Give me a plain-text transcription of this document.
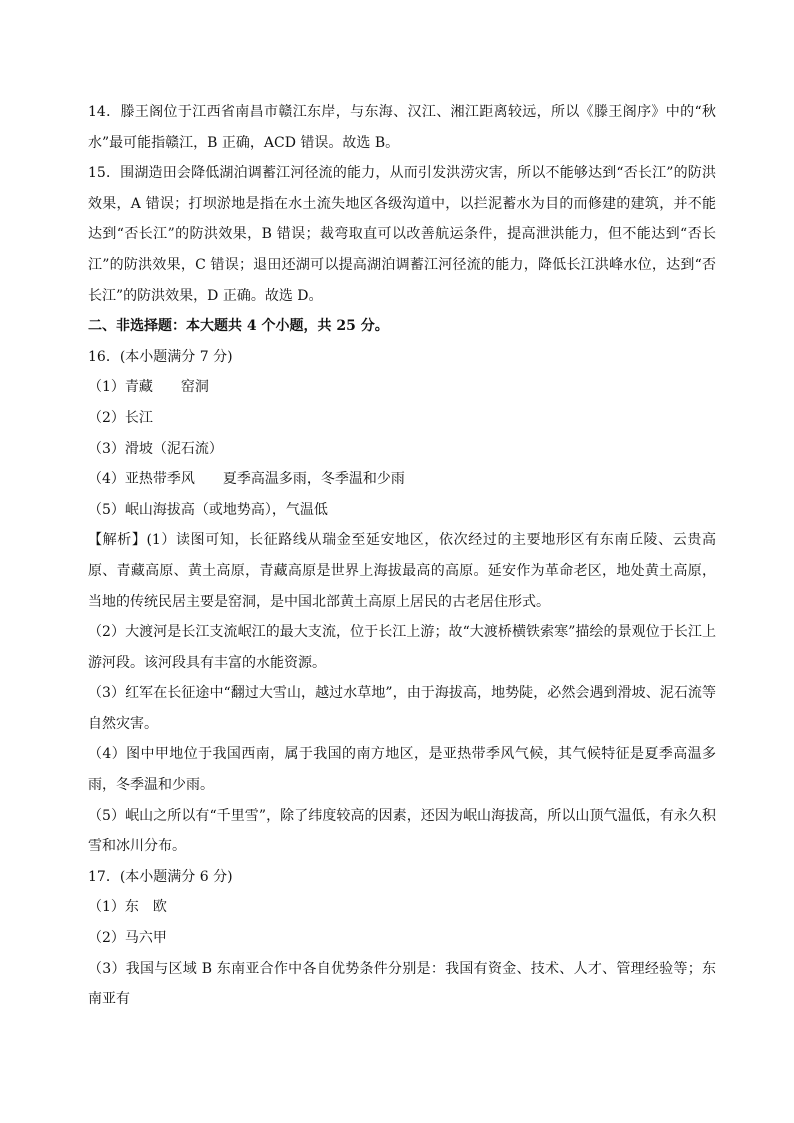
14．滕王阁位于江西省南昌市赣江东岸，与东海、汉江、湘江距离较远，所以《滕王阁序》中的“秋水”最可能指赣江，B 正确，ACD 错误。故选 B。

15．围湖造田会降低湖泊调蓄江河径流的能力，从而引发洪涝灾害，所以不能够达到“否长江”的防洪效果，A 错误；打坝淤地是指在水土流失地区各级沟道中，以拦泥蓄水为目的而修建的建筑，并不能达到“否长江”的防洪效果，B 错误；裁弯取直可以改善航运条件，提高泄洪能力，但不能达到“否长江”的防洪效果，C 错误；退田还湖可以提高湖泊调蓄江河径流的能力，降低长江洪峰水位，达到“否长江”的防洪效果，D 正确。故选 D。

二、非选择题：本大题共 4 个小题，共 25 分。

16．(本小题满分 7 分)

（1）青藏 窑洞

（2）长江

（3）滑坡（泥石流）

（4）亚热带季风 夏季高温多雨，冬季温和少雨

（5）岷山海拔高（或地势高），气温低

【解析】(1）读图可知，长征路线从瑞金至延安地区，依次经过的主要地形区有东南丘陵、云贵高原、青藏高原、黄土高原，青藏高原是世界上海拔最高的高原。延安作为革命老区，地处黄土高原，当地的传统民居主要是窑洞，是中国北部黄土高原上居民的古老居住形式。

（2）大渡河是长江支流岷江的最大支流，位于长江上游；故“大渡桥横铁索寒”描绘的景观位于长江上游河段。该河段具有丰富的水能资源。

（3）红军在长征途中“翻过大雪山，越过水草地”，由于海拔高，地势陡，必然会遇到滑坡、泥石流等自然灾害。

（4）图中甲地位于我国西南，属于我国的南方地区，是亚热带季风气候，其气候特征是夏季高温多雨，冬季温和少雨。

（5）岷山之所以有“千里雪”，除了纬度较高的因素，还因为岷山海拔高，所以山顶气温低，有永久积雪和冰川分布。

17．(本小题满分 6 分)

（1）东　欧

（2）马六甲

（3）我国与区域 B 东南亚合作中各自优势条件分别是：我国有资金、技术、人才、管理经验等；东南亚有
